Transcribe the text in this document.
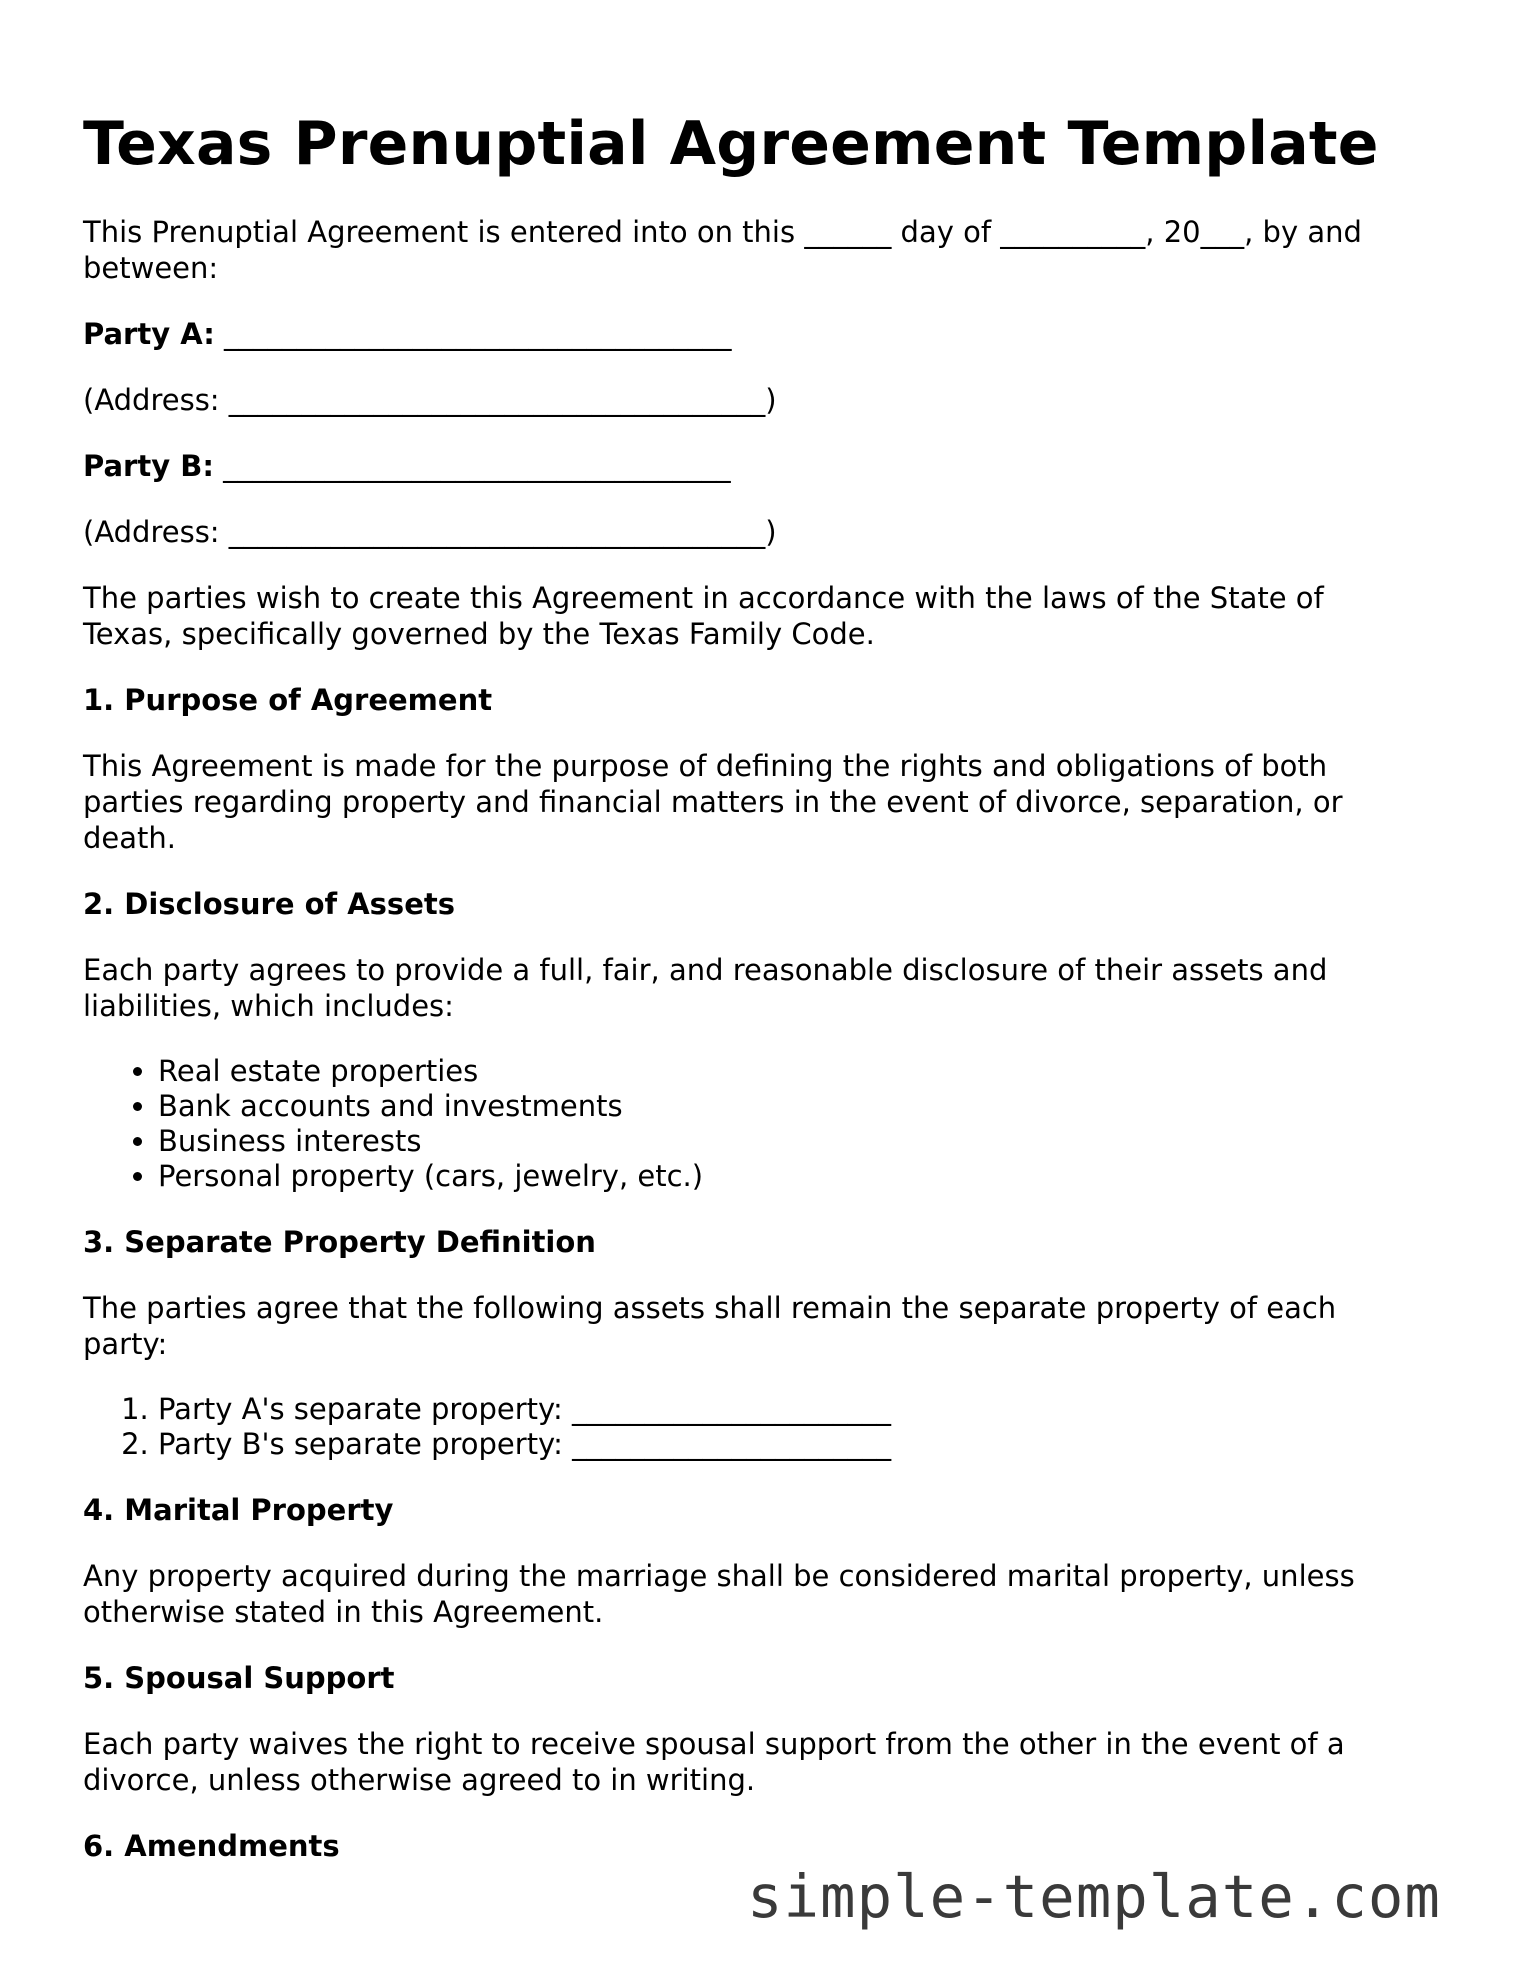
Texas Prenuptial Agreement Template

This Prenuptial Agreement is entered into on this ______ day of __________, 20___, by and between:

Party A: ___________________________________

(Address: _____________________________________)

Party B: ___________________________________

(Address: _____________________________________)

The parties wish to create this Agreement in accordance with the laws of the State of Texas, specifically governed by the Texas Family Code.

1. Purpose of Agreement

This Agreement is made for the purpose of defining the rights and obligations of both parties regarding property and financial matters in the event of divorce, separation, or death.

2. Disclosure of Assets

Each party agrees to provide a full, fair, and reasonable disclosure of their assets and liabilities, which includes:

• Real estate properties
• Bank accounts and investments
• Business interests
• Personal property (cars, jewelry, etc.)
3. Separate Property Definition

The parties agree that the following assets shall remain the separate property of each party:

1. Party A's separate property: ______________________
2. Party B's separate property: ______________________
4. Marital Property

Any property acquired during the marriage shall be considered marital property, unless otherwise stated in this Agreement.

5. Spousal Support

Each party waives the right to receive spousal support from the other in the event of a divorce, unless otherwise agreed to in writing.

6. Amendments
simple-template.com
